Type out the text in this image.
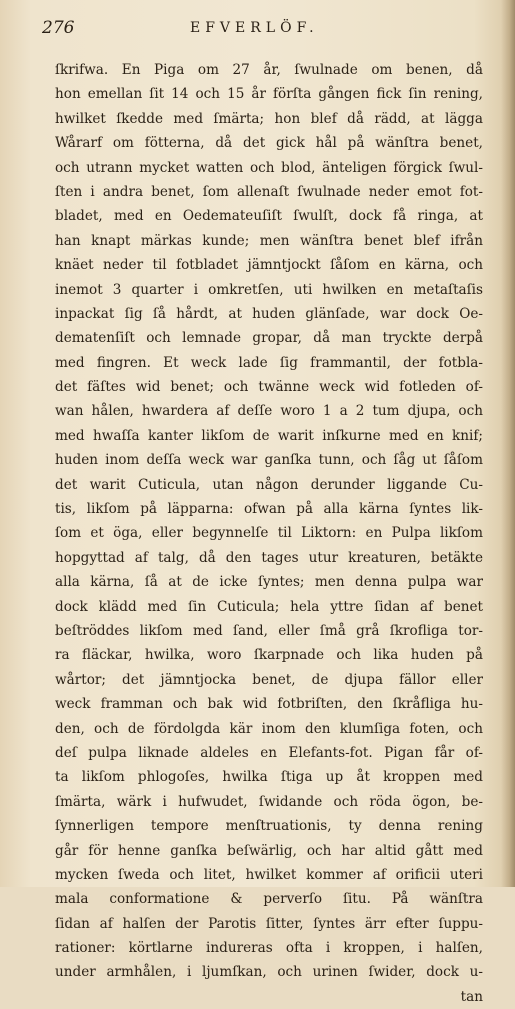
276	EFVERLÖF.
ſkrifwa. En Piga om 27 år, ſwulnade om benen, då
hon emellan ſit 14 och 15 år förſta gången fick ſin rening,
hwilket ſkedde med ſmärta; hon blef då rädd, at lägga
Wårarf om fötterna, då det gick hål på wänſtra benet,
och utrann mycket watten och blod, änteligen förgick ſwul-
ſten i andra benet, ſom allenaſt ſwulnade neder emot fot-
bladet, med en Oedemateuſiſt ſwulſt, dock få ringa, at
han knapt märkas kunde; men wänſtra benet blef ifrån
knäet neder til fotbladet jämntjockt ſåſom en kärna, och
inemot 3 quarter i omkretſen, uti hwilken en metaſtaſis
inpackat ſig ſå hårdt, at huden glänſade, war dock Oe-
dematenſiſt och lemnade gropar, då man tryckte derpå
med fingren. Et weck lade ſig frammantil, der fotbla-
det fäſtes wid benet; och twänne weck wid fotleden of-
wan hålen, hwardera af deſſe woro 1 a 2 tum djupa, och
med hwaſſa kanter likſom de warit inſkurne med en knif;
huden inom deſſa weck war ganſka tunn, och ſåg ut ſåſom
det warit Cuticula, utan någon derunder liggande Cu-
tis, likſom på läpparna: ofwan på alla kärna ſyntes lik-
ſom et öga, eller begynnelſe til Liktorn: en Pulpa likſom
hopgyttad af talg, då den tages utur kreaturen, betäkte
alla kärna, ſå at de icke ſyntes; men denna pulpa war
dock klädd med ſin Cuticula; hela yttre ſidan af benet
beſtröddes likſom med ſand, eller ſmå grå ſkrofliga tor-
ra fläckar, hwilka, woro ſkarpnade och lika huden på
wårtor; det jämntjocka benet, de djupa fällor eller
weck framman och bak wid fotbriſten, den ſkråfliga hu-
den, och de fördolgda kär inom den klumſiga foten, och
deſ pulpa liknade aldeles en Elefants-fot. Pigan får of-
ta likſom phlogoſes, hwilka ſtiga up åt kroppen med
ſmärta, wärk i hufwudet, ſwidande och röda ögon, be-
ſynnerligen tempore menſtruationis, ty denna rening
går för henne ganſka beſwärlig, och har altid gått med
mycken ſweda och litet, hwilket kommer af orificii uteri
mala conformatione & perverſo ſitu. På wänſtra
ſidan af halſen der Parotis ſitter, ſyntes ärr efter ſuppu-
rationer: körtlarne indureras ofta i kroppen, i halſen,
under armhålen, i ljumſkan, och urinen ſwider, dock u-
tan
